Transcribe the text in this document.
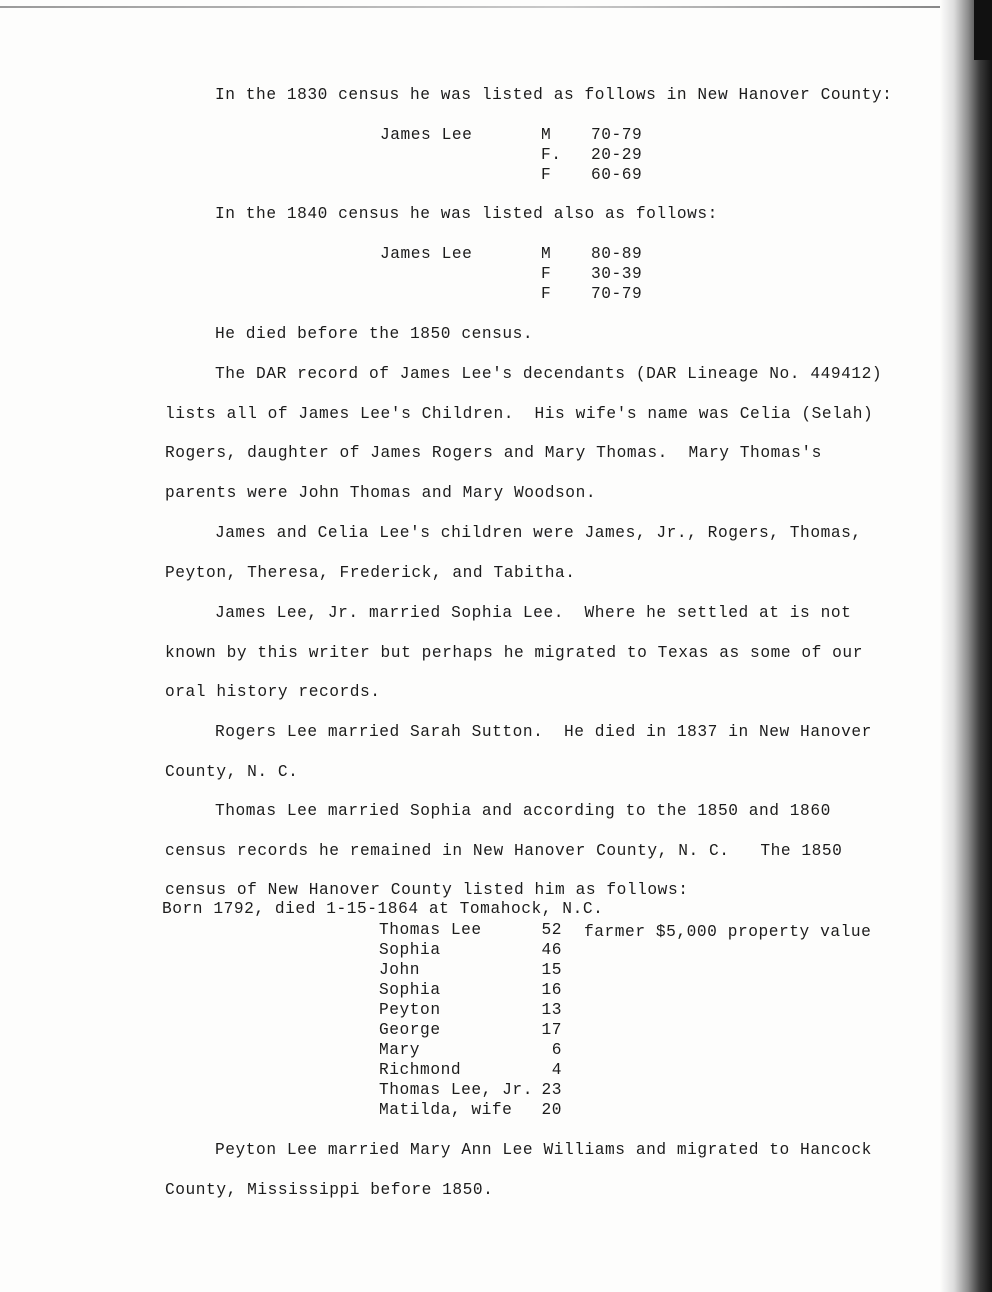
In the 1830 census he was listed as follows in New Hanover County:
James Lee	M 70-79
F. 20-29
F 60-69
In the 1840 census he was listed also as follows:
James Lee	M 80-89
F 30-39
F 70-79
He died before the 1850 census.
The DAR record of James Lee's decendants (DAR Lineage No. 449412)
lists all of James Lee's Children.  His wife's name was Celia (Selah)
Rogers, daughter of James Rogers and Mary Thomas.  Mary Thomas's
parents were John Thomas and Mary Woodson.
James and Celia Lee's children were James, Jr., Rogers, Thomas,
Peyton, Theresa, Frederick, and Tabitha.
James Lee, Jr. married Sophia Lee.  Where he settled at is not
known by this writer but perhaps he migrated to Texas as some of our
oral history records.
Rogers Lee married Sarah Sutton.  He died in 1837 in New Hanover
County, N. C.
Thomas Lee married Sophia and according to the 1850 and 1860
census records he remained in New Hanover County, N. C.   The 1850
census of New Hanover County listed him as follows:
Born 1792, died 1-15-1864 at Tomahock, N.C.
Thomas Lee	52 farmer $5,000 property value
Sophia	46
John	15
Sophia	16
Peyton	13
George	17
Mary	6
Richmond	4
Thomas Lee, Jr. 23
Matilda, wife	20
Peyton Lee married Mary Ann Lee Williams and migrated to Hancock
County, Mississippi before 1850.
